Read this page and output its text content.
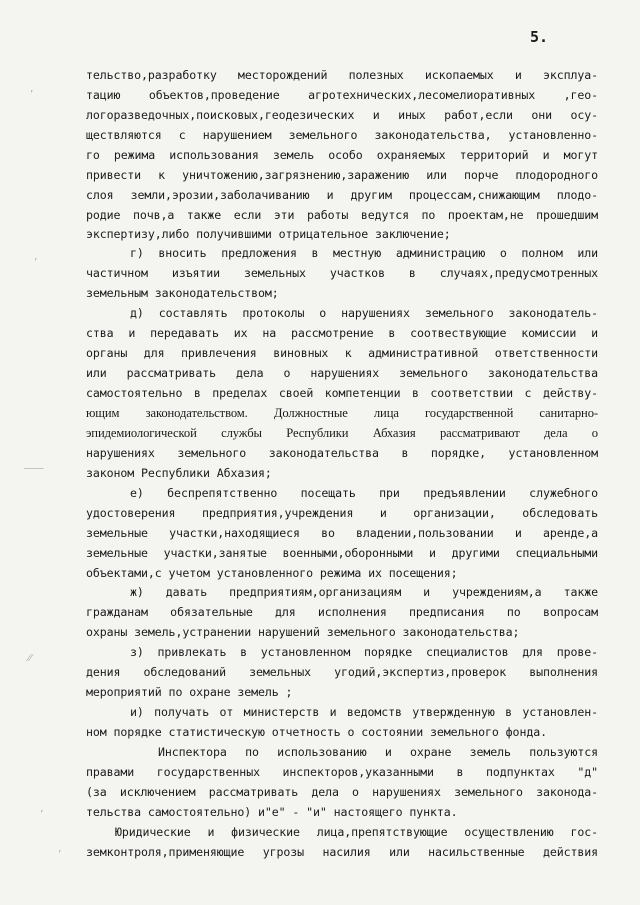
5.
′
′
——
⁄⁄
′
′
тельство,разработку месторождений полезных ископаемых и эксплуа-
тацию объектов,проведение агротехнических,лесомелиоративных ,гео-
логоразведочных,поисковых,геодезических и иных работ,если они осу-
ществляются с нарушением земельного законодательства, установленно-
го режима использования земель особо охраняемых территорий и могут
привести к уничтожению,загрязнению,заражению или порче плодородного
слоя земли,эрозии,заболачиванию и другим процессам,снижающим плодо-
родие почв,а также если эти работы ведутся по проектам,не прошедшим
экспертизу,либо получившими отрицательное заключение;
г) вносить предложения в местную администрацию о полном или
частичном изъятии земельных участков в случаях,предусмотренных
земельным законодательством;
д) составлять протоколы о нарушениях земельного законодатель-
ства и передавать их на рассмотрение в соотвествующие комиссии и
органы для привлечения виновных к административной ответственности
или рассматривать дела о нарушениях земельного законодательства
самостоятельно в пределах своей компетенции в соответствии с действу-
ющим законодательством. Должностные лица государственной санитарно-
эпидемиологической службы Республики Абхазия рассматривают дела о
нарушениях земельного законодательства в порядке, установленном
законом Республики Абхазия;
е) беспрепятственно посещать при предъявлении служебного
удостоверения предприятия,учреждения и организации, обследовать
земельные участки,находящиеся во владении,пользовании и аренде,а
земельные участки,занятые военными,оборонными и другими специальными
объектами,с учетом установленного режима их посещения;
ж) давать предприятиям,организациям и учреждениям,а также
гражданам обязательные для исполнения предписания по вопросам
охраны земель,устранении нарушений земельного законодательства;
з) привлекать в установленном порядке специалистов для прове-
дения обследований земельных угодий,экспертиз,проверок выполнения
мероприятий по охране земель ;
и) получать от министерств и ведомств утвержденную в установлен-
ном порядке статистическую отчетность о состоянии земельного фонда.
Инспектора по использованию и охране земель пользуются
правами государственных инспекторов,указанными в подпунктах "д"
(за исключением рассматривать дела о нарушениях земельного законода-
тельства самостоятельно) и"е" - "и" настоящего пункта.
Юридические и физические лица,препятствующие осуществлению гос-
земконтроля,применяющие угрозы насилия или насильственные действия
